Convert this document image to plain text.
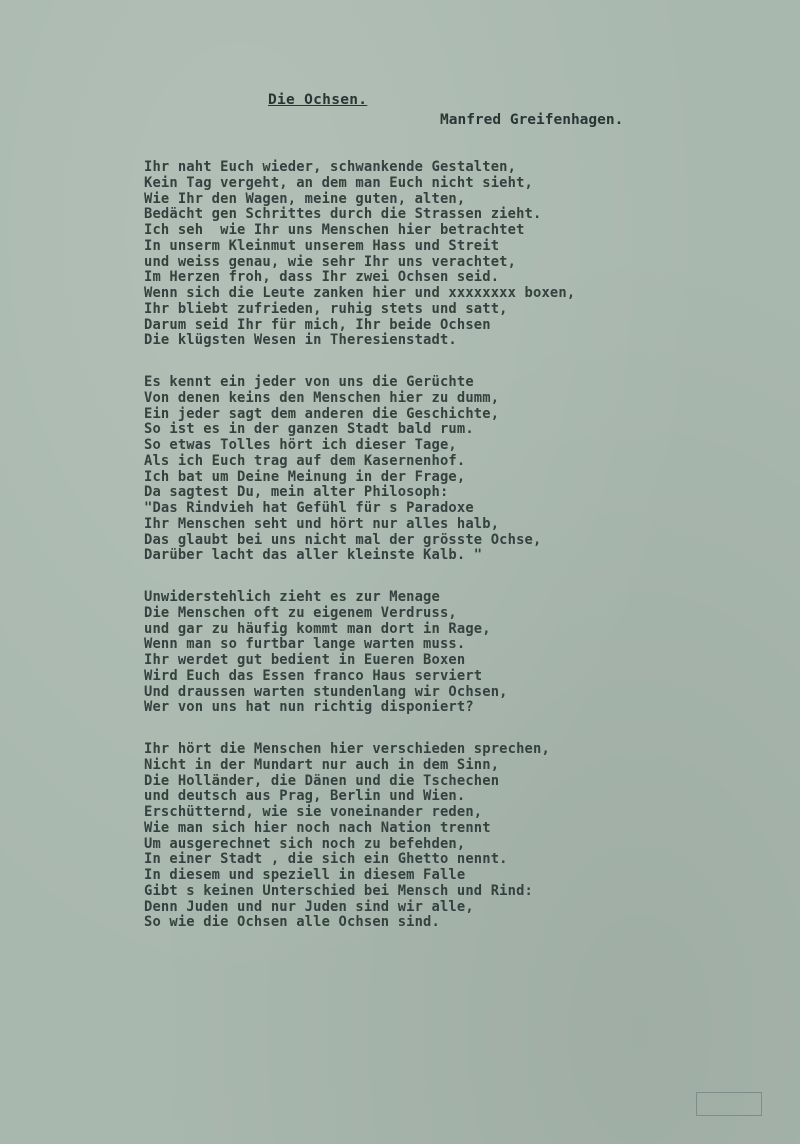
Die Ochsen.
Manfred Greifenhagen.
Ihr naht Euch wieder, schwankende Gestalten,
Kein Tag vergeht, an dem man Euch nicht sieht,
Wie Ihr den Wagen, meine guten, alten,
Bedächt gen Schrittes durch die Strassen zieht.
Ich seh  wie Ihr uns Menschen hier betrachtet
In unserm Kleinmut unserem Hass und Streit
und weiss genau, wie sehr Ihr uns verachtet,
Im Herzen froh, dass Ihr zwei Ochsen seid.
Wenn sich die Leute zanken hier und xxxxxxxx boxen,
Ihr bliebt zufrieden, ruhig stets und satt,
Darum seid Ihr für mich, Ihr beide Ochsen
Die klügsten Wesen in Theresienstadt.
Es kennt ein jeder von uns die Gerüchte
Von denen keins den Menschen hier zu dumm,
Ein jeder sagt dem anderen die Geschichte,
So ist es in der ganzen Stadt bald rum.
So etwas Tolles hört ich dieser Tage,
Als ich Euch trag auf dem Kasernenhof.
Ich bat um Deine Meinung in der Frage,
Da sagtest Du, mein alter Philosoph:
"Das Rindvieh hat Gefühl für s Paradoxe
Ihr Menschen seht und hört nur alles halb,
Das glaubt bei uns nicht mal der grösste Ochse,
Darüber lacht das aller kleinste Kalb. "
Unwiderstehlich zieht es zur Menage
Die Menschen oft zu eigenem Verdruss,
und gar zu häufig kommt man dort in Rage,
Wenn man so furtbar lange warten muss.
Ihr werdet gut bedient in Eueren Boxen
Wird Euch das Essen franco Haus serviert
Und draussen warten stundenlang wir Ochsen,
Wer von uns hat nun richtig disponiert?
Ihr hört die Menschen hier verschieden sprechen,
Nicht in der Mundart nur auch in dem Sinn,
Die Holländer, die Dänen und die Tschechen
und deutsch aus Prag, Berlin und Wien.
Erschütternd, wie sie voneinander reden,
Wie man sich hier noch nach Nation trennt
Um ausgerechnet sich noch zu befehden,
In einer Stadt , die sich ein Ghetto nennt.
In diesem und speziell in diesem Falle
Gibt s keinen Unterschied bei Mensch und Rind:
Denn Juden und nur Juden sind wir alle,
So wie die Ochsen alle Ochsen sind.
